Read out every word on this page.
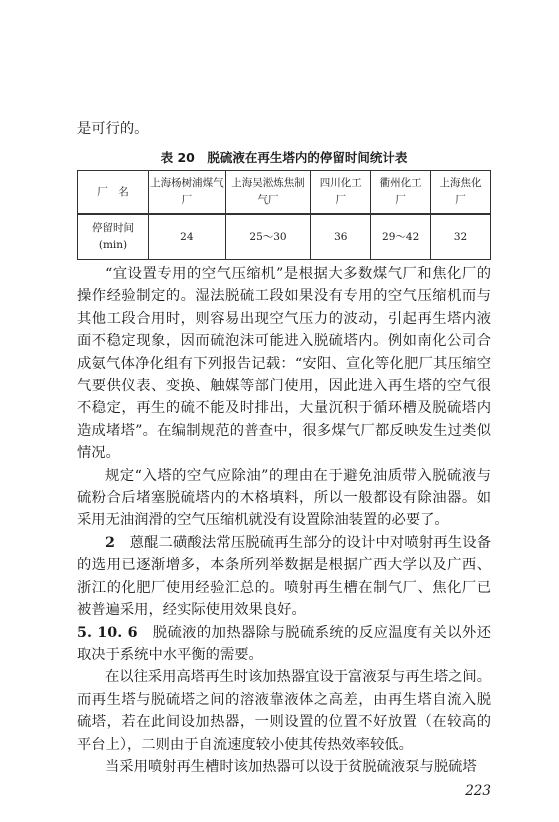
是可行的。

表 20　脱硫液在再生塔内的停留时间统计表
厂　名	上海杨树浦煤气厂	上海吴淞炼焦制气厂	四川化工　厂	衢州化工　厂	上海焦化　厂
停留时间(min)	24	25～30	36	29～42	32

“宜设置专用的空气压缩机”是根据大多数煤气厂和焦化厂的操作经验制定的。湿法脱硫工段如果没有专用的空气压缩机而与其他工段合用时，则容易出现空气压力的波动，引起再生塔内液面不稳定现象，因而硫泡沫可能进入脱硫塔内。例如南化公司合成氨气体净化组有下列报告记载：“安阳、宣化等化肥厂其压缩空气要供仪表、变换、触媒等部门使用，因此进入再生塔的空气很不稳定，再生的硫不能及时排出，大量沉积于循环槽及脱硫塔内造成堵塔”。在编制规范的普查中，很多煤气厂都反映发生过类似情况。

规定“入塔的空气应除油”的理由在于避免油质带入脱硫液与硫粉合后堵塞脱硫塔内的木格填料，所以一般都设有除油器。如采用无油润滑的空气压缩机就没有设置除油装置的必要了。

2　 蒽醌二磺酸法常压脱硫再生部分的设计中对喷射再生设备的选用已逐渐增多，本条所列举数据是根据广西大学以及广西、浙江的化肥厂使用经验汇总的。喷射再生槽在制气厂、焦化厂已被普遍采用，经实际使用效果良好。

5. 10. 6　 脱硫液的加热器除与脱硫系统的反应温度有关以外还取决于系统中水平衡的需要。

在以往采用高塔再生时该加热器宜设于富液泵与再生塔之间。而再生塔与脱硫塔之间的溶液靠液体之高差，由再生塔自流入脱硫塔，若在此间设加热器，一则设置的位置不好放置（在较高的平台上），二则由于自流速度较小使其传热效率较低。

当采用喷射再生槽时该加热器可以设于贫脱硫液泵与脱硫塔

223
